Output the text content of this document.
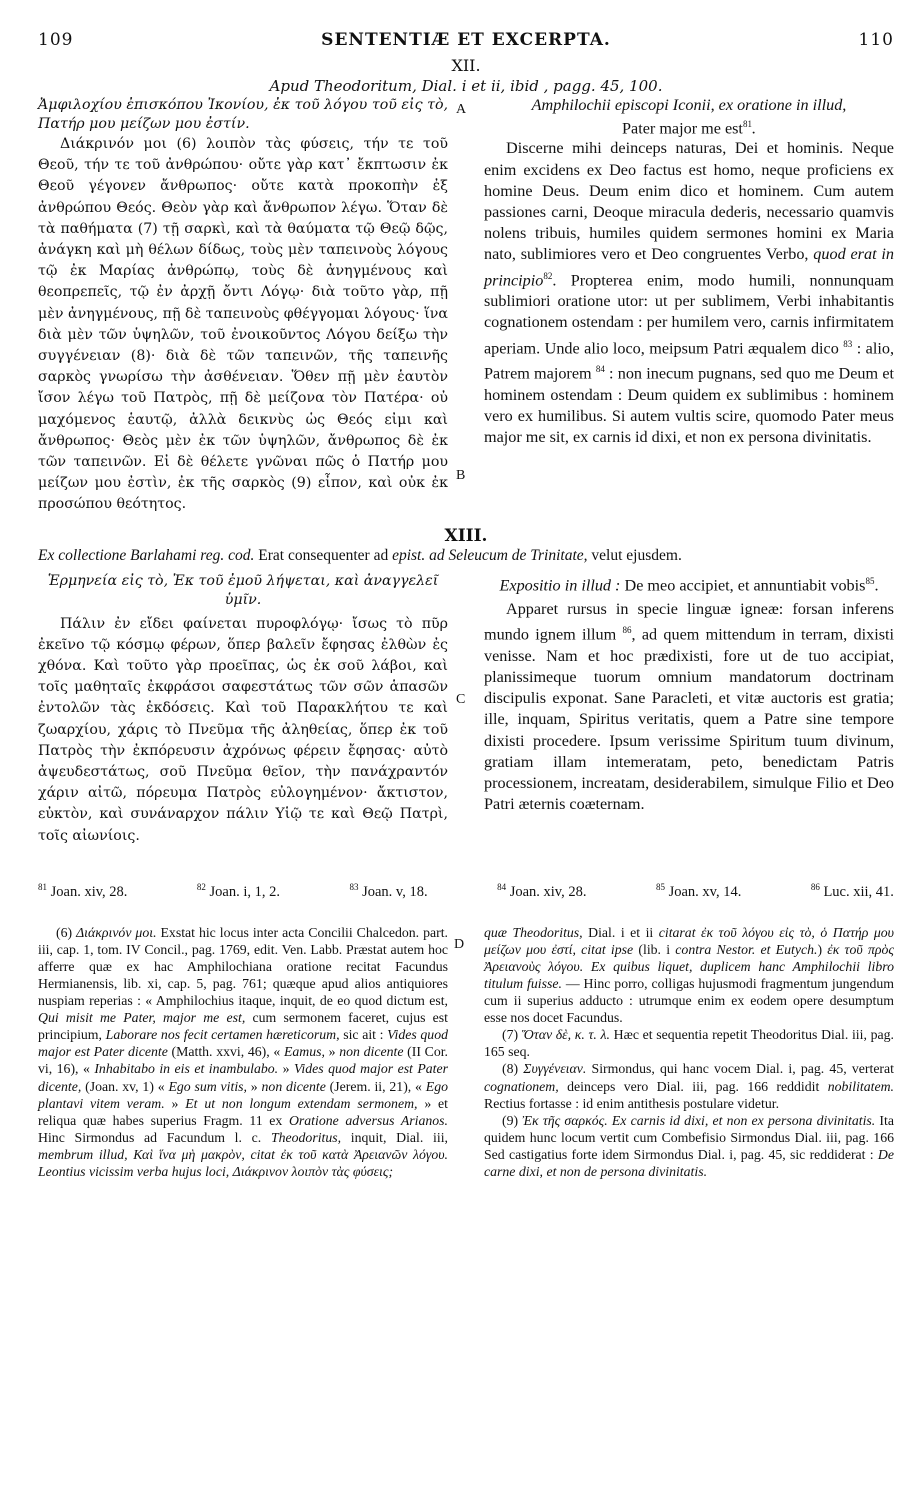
109	SENTENTIÆ ET EXCERPTA.	110
XII.
Apud Theodoritum, Dial. i et ii, ibid , pagg. 45, 100.
A
B
Ἀμφιλοχίου ἐπισκόπου Ἰκονίου, ἐκ τοῦ λόγου τοῦ εἰς τὸ, Πατήρ μου μείζων μου ἐστίν.

Διάκρινόν μοι (6) λοιπὸν τὰς φύσεις, τήν τε τοῦ Θεοῦ, τήν τε τοῦ ἀνθρώπου· οὔτε γὰρ κατ᾽ ἔκπτωσιν ἐκ Θεοῦ γέγονεν ἄνθρωπος· οὔτε κατὰ προκοπὴν ἐξ ἀνθρώπου Θεός. Θεὸν γὰρ καὶ ἄνθρωπον λέγω. Ὅταν δὲ τὰ παθήματα (7) τῇ σαρκὶ, καὶ τὰ θαύματα τῷ Θεῷ δῷς, ἀνάγκη καὶ μὴ θέλων δίδως, τοὺς μὲν ταπεινοὺς λόγους τῷ ἐκ Μαρίας ἀνθρώπῳ, τοὺς δὲ ἀνηγμένους καὶ θεοπρεπεῖς, τῷ ἐν ἀρχῇ ὄντι Λόγῳ· διὰ τοῦτο γὰρ, πῇ μὲν ἀνηγμένους, πῇ δὲ ταπεινοὺς φθέγγομαι λόγους· ἵνα διὰ μὲν τῶν ὑψηλῶν, τοῦ ἐνοικοῦντος Λόγου δείξω τὴν συγγένειαν (8)· διὰ δὲ τῶν ταπεινῶν, τῆς ταπεινῆς σαρκὸς γνωρίσω τὴν ἀσθένειαν. Ὅθεν πῇ μὲν ἑαυτὸν ἴσον λέγω τοῦ Πατρὸς, πῇ δὲ μείζονα τὸν Πατέρα· οὐ μαχόμενος ἑαυτῷ, ἀλλὰ δεικνὺς ὡς Θεός εἰμι καὶ ἄνθρωπος· Θεὸς μὲν ἐκ τῶν ὑψηλῶν, ἄνθρωπος δὲ ἐκ τῶν ταπεινῶν. Εἰ δὲ θέλετε γνῶναι πῶς ὁ Πατήρ μου μείζων μου ἐστὶν, ἐκ τῆς σαρκὸς (9) εἶπον, καὶ οὐκ ἐκ προσώπου θεότητος.

Amphilochii episcopi Iconii, ex oratione in illud,
Pater major me est$^{81}$.

Discerne mihi deinceps naturas, Dei et hominis. Neque enim excidens ex Deo factus est homo, neque proficiens ex homine Deus. Deum enim dico et hominem. Cum autem passiones carni, Deoque miracula dederis, necessario quamvis nolens tribuis, humiles quidem sermones homini ex Maria nato, sublimiores vero et Deo congruentes Verbo, quod erat in principio$^{82}$. Propterea enim, modo humili, nonnunquam sublimiori oratione utor: ut per sublimem, Verbi inhabitantis cognationem ostendam : per humilem vero, carnis infirmitatem aperiam. Unde alio loco, meipsum Patri æqualem dico $^{83}$ : alio, Patrem majorem $^{84}$ : non inecum pugnans, sed quo me Deum et hominem ostendam : Deum quidem ex sublimibus : hominem vero ex humilibus. Si autem vultis scire, quomodo Pater meus major me sit, ex carnis id dixi, et non ex persona divinitatis.

XIII.
Ex collectione Barlahami reg. cod. Erat consequenter ad epist. ad Seleucum de Trinitate, velut ejusdem.
C
Ἑρμηνεία εἰς τὸ, Ἐκ τοῦ ἐμοῦ λήψεται, καὶ ἀναγγελεῖ ὑμῖν.

Πάλιν ἐν εἴδει φαίνεται πυροφλόγῳ· ἴσως τὸ πῦρ ἐκεῖνο τῷ κόσμῳ φέρων, ὅπερ βαλεῖν ἔφησας ἐλθὼν ἐς χθόνα. Καὶ τοῦτο γὰρ προεῖπας, ὡς ἐκ σοῦ λάβοι, καὶ τοῖς μαθηταῖς ἐκφράσοι σαφεστάτως τῶν σῶν ἁπασῶν ἐντολῶν τὰς ἐκδόσεις. Καὶ τοῦ Παρακλήτου τε καὶ ζωαρχίου, χάρις τὸ Πνεῦμα τῆς ἀληθείας, ὅπερ ἐκ τοῦ Πατρὸς τὴν ἐκπόρευσιν ἀχρόνως φέρειν ἔφησας· αὐτὸ ἀψευδεστάτως, σοῦ Πνεῦμα θεῖον, τὴν πανάχραντόν χάριν αἰτῶ, πόρευμα Πατρὸς εὐλογημένον· ἄκτιστον, εὐκτὸν, καὶ συνάναρχον πάλιν Υἱῷ τε καὶ Θεῷ Πατρὶ, τοῖς αἰωνίοις.

Expositio in illud : De meo accipiet, et annuntiabit vobis$^{85}$.

Apparet rursus in specie linguæ igneæ: forsan inferens mundo ignem illum $^{86}$, ad quem mittendum in terram, dixisti venisse. Nam et hoc prædixisti, fore ut de tuo accipiat, planissimeque tuorum omnium mandatorum doctrinam discipulis exponat. Sane Paracleti, et vitæ auctoris est gratia; ille, inquam, Spiritus veritatis, quem a Patre sine tempore dixisti procedere. Ipsum verissime Spiritum tuum divinum, gratiam illam intemeratam, peto, benedictam Patris processionem, increatam, desiderabilem, simulque Filio et Deo Patri æternis coæternam.

$^{81}$ Joan. xiv, 28.	$^{82}$ Joan. i, 1, 2.	$^{83}$ Joan. v, 18.	$^{84}$ Joan. xiv, 28.	$^{85}$ Joan. xv, 14.	$^{86}$ Luc. xii, 41.
D

(6) Διάκρινόν μοι. Exstat hic locus inter acta Concilii Chalcedon. part. iii, cap. 1, tom. IV Concil., pag. 1769, edit. Ven. Labb. Præstat autem hoc afferre quæ ex hac Amphilochiana oratione recitat Facundus Hermianensis, lib. xi, cap. 5, pag. 761; quæque apud alios antiquiores nuspiam reperias : « Amphilochius itaque, inquit, de eo quod dictum est, Qui misit me Pater, major me est, cum sermonem faceret, cujus est principium, Laborare nos fecit certamen hæreticorum, sic ait : Vides quod major est Pater dicente (Matth. xxvi, 46), « Eamus, » non dicente (II Cor. vi, 16), « Inhabitabo in eis et inambulabo. » Vides quod major est Pater dicente, (Joan. xv, 1) « Ego sum vitis, » non dicente (Jerem. ii, 21), « Ego plantavi vitem veram. » Et ut non longum extendam sermonem, » et reliqua quæ habes superius Fragm. 11 ex Oratione adversus Arianos. Hinc Sirmondus ad Facundum l. c. Theodoritus, inquit, Dial. iii, membrum illud, Καὶ ἵνα μὴ μακρὸν, citat ἐκ τοῦ κατὰ Ἀρειανῶν λόγου. Leontius vicissim verba hujus loci, Διάκρινον λοιπὸν τὰς φύσεις;

quæ Theodoritus, Dial. i et ii citarat ἐκ τοῦ λόγου εἰς τὸ, ὁ Πατήρ μου μείζων μου ἐστί, citat ipse (lib. i contra Nestor. et Eutych.) ἐκ τοῦ πρὸς Ἀρειανοὺς λόγου. Ex quibus liquet, duplicem hanc Amphilochii libro titulum fuisse. — Hinc porro, colligas hujusmodi fragmentum jungendum cum ii superius adducto : utrumque enim ex eodem opere desumptum esse nos docet Facundus.

(7) Ὅταν δὲ, κ. τ. λ. Hæc et sequentia repetit Theodoritus Dial. iii, pag. 165 seq.

(8) Συγγένειαν. Sirmondus, qui hanc vocem Dial. i, pag. 45, verterat cognationem, deinceps vero Dial. iii, pag. 166 reddidit nobilitatem. Rectius fortasse : id enim antithesis postulare videtur.

(9) Ἐκ τῆς σαρκός. Ex carnis id dixi, et non ex persona divinitatis. Ita quidem hunc locum vertit cum Combefisio Sirmondus Dial. iii, pag. 166 Sed castigatius forte idem Sirmondus Dial. i, pag. 45, sic reddiderat : De carne dixi, et non de persona divinitatis.
